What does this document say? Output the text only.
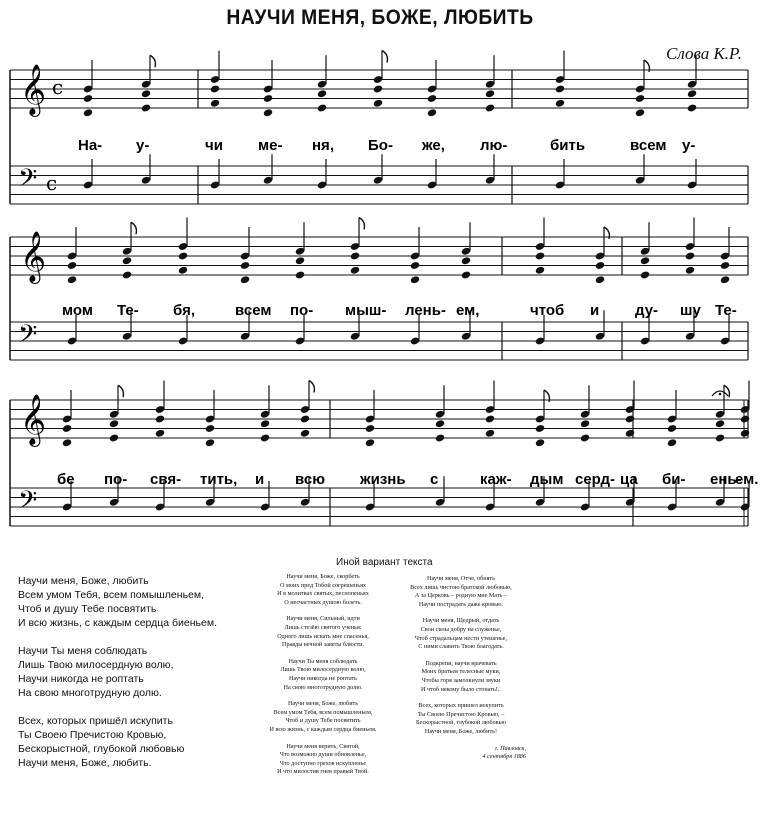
НАУЧИ МЕНЯ, БОЖЕ, ЛЮБИТЬ
Слова К.Р.
𝄞
𝄢
c
c
𝄞
𝄢
𝄞
𝄢
На- у-	чи ме- ня, Бо- же, лю-	бить	всем у-
мом Те- бя,	всем по- мыш- лень- ем,	чтоб и ду- шу Те-
бе по- свя- тить, и всю жизнь с	каж- дым серд- ца би- ень-
ем.
Иной вариант текста
Научи меня, Боже, любить
Всем умом Тебя, всем помышленьем,
Чтоб и душу Тебе посвятить
И всю жизнь, с каждым сердца биеньем.
Научи Ты меня соблюдать
Лишь Твою милосердную волю,
Научи никогда не роптать
На свою многотрудную долю.
Всех, которых пришёл искупить
Ты Своею Пречистою Кровью,
Бескорыстной, глубокой любовью
Научи меня, Боже, любить.
Научи меня, Боже, скорбеть
О моих пред Тобой согрешеньях
И в молитвах святых, песнопеньях
О несчастных душою болеть.
Научи меня, Сильный, идти
Лишь стезёю святого ученья:
Одного лишь искать мне спасенья,
Правды вечной заветы блюсти.
Научи Ты меня соблюдать
Лишь Твою милосердную волю,
Научи никогда не роптать
На свою многотрудную долю.
Научи меня, Боже, любить
Всем умом Тебя, всем помышленьем,
Чтоб и душу Тебе посвятить
И всю жизнь, с каждым сердца биеньем.
Научи меня верить, Святой,
Что возможно души обновленье,
Что доступно грехов искупленье
И что милостив гнев правый Твой.
Научи меня, Отче, обнять
Всех лишь чистою братской любовью,
А за Церковь – родную мне Мать –
Научи пострадать даже кровью.
Научи меня, Щедрый, отдать
Свои силы добру на служенье,
Чтоб страдальцам нести утешенье,
С ними славить Твою благодать.
Подкрепи, научи врачевать
Моих братьев телесные муки,
Чтобы горя замолкнули звуки
И чтоб некому было стонать!..
Всех, которых пришел искупить
Ты Своею Пречистою Кровью, –
Бескорыстной, глубокой любовью
Научи меня, Боже, любить!
г. Павловск,
4 сентября 1886
